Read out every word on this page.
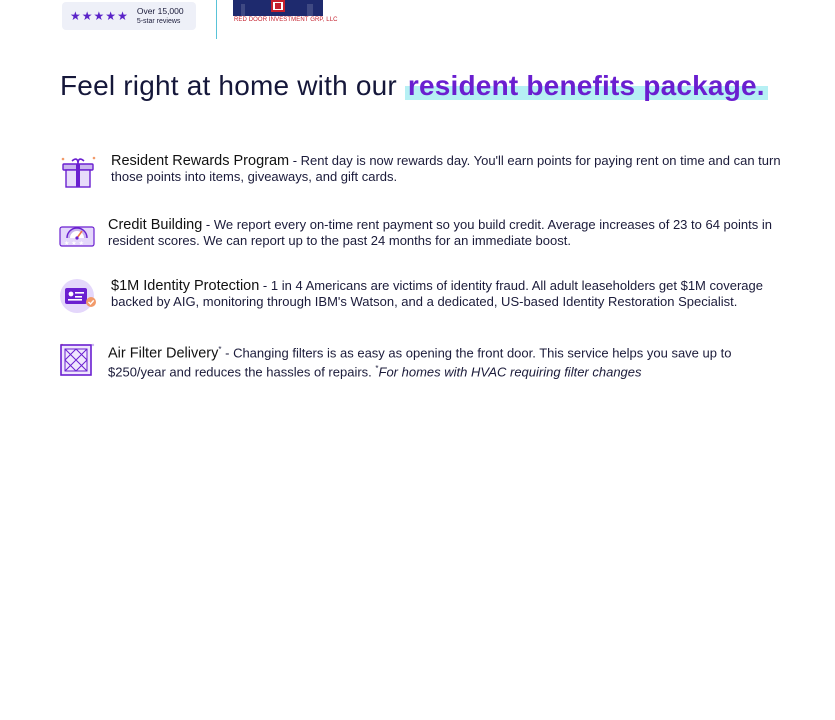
★ ★ ★ ★ ★ Over 15,000
5-star reviews	RED DOOR INVESTMENT GRP, LLC
Feel right at home with our resident benefits package.
Resident Rewards Program - Rent day is now rewards day. You'll earn points for paying rent on time and can turn those points into items, giveaways, and gift cards.
★ ★ ★
Credit Building - We report every on-time rent payment so you build credit. Average increases of 23 to 64 points in resident scores. We can report up to the past 24 months for an immediate boost.
$1M Identity Protection - 1 in 4 Americans are victims of identity fraud. All adult leaseholders get $1M coverage backed by AIG, monitoring through IBM's Watson, and a dedicated, US-based Identity Restoration Specialist.
Air Filter Delivery* - Changing filters is as easy as opening the front door. This service helps you save up to $250/year and reduces the hassles of repairs. *For homes with HVAC requiring filter changes
